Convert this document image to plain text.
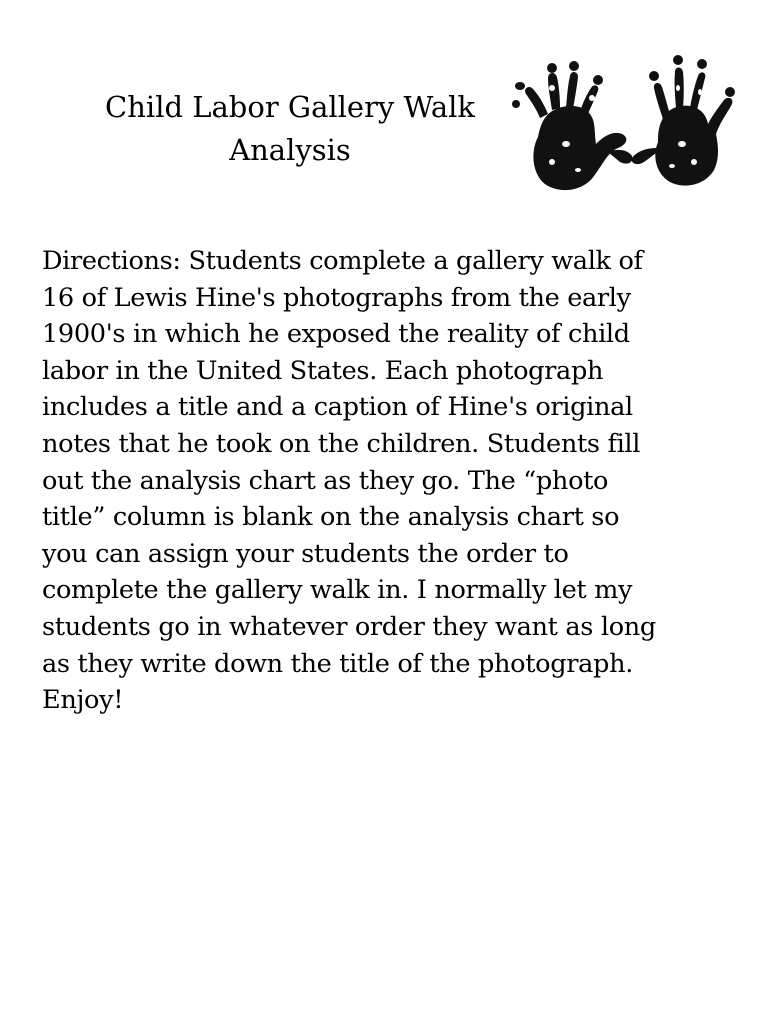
Child Labor Gallery Walk
Analysis

Directions: Students complete a gallery walk of
16 of Lewis Hine's photographs from the early
1900's in which he exposed the reality of child
labor in the United States. Each photograph
includes a title and a caption of Hine's original
notes that he took on the children. Students fill
out the analysis chart as they go. The “photo
title” column is blank on the analysis chart so
you can assign your students the order to
complete the gallery walk in. I normally let my
students go in whatever order they want as long
as they write down the title of the photograph.
Enjoy!
